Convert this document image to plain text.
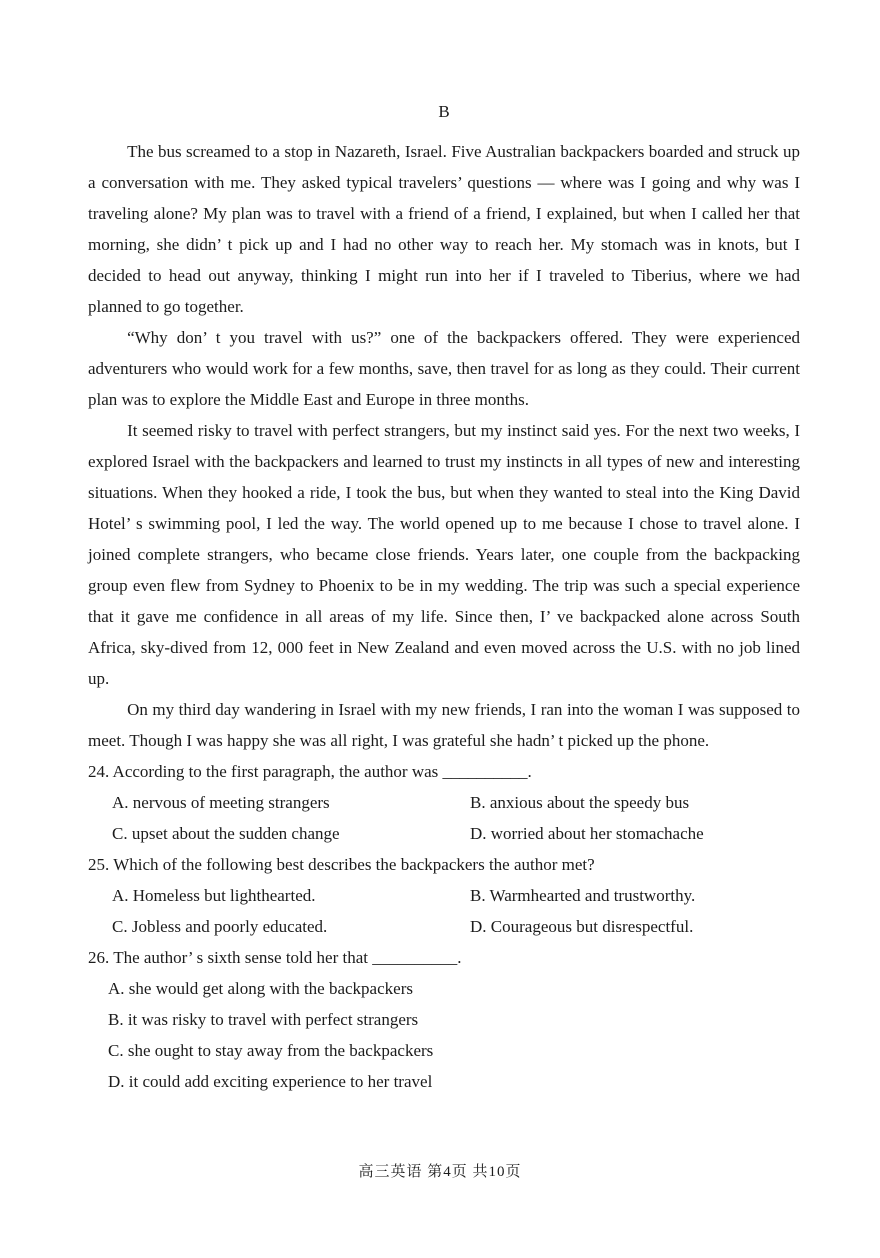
B

The bus screamed to a stop in Nazareth, Israel. Five Australian backpackers boarded and struck up a conversation with me. They asked typical travelers’ questions — where was I going and why was I traveling alone? My plan was to travel with a friend of a friend, I explained, but when I called her that morning, she didn’ t pick up and I had no other way to reach her. My stomach was in knots, but I decided to head out anyway, thinking I might run into her if I traveled to Tiberius, where we had planned to go together.

“Why don’ t you travel with us?” one of the backpackers offered. They were experienced adventurers who would work for a few months, save, then travel for as long as they could. Their current plan was to explore the Middle East and Europe in three months.

It seemed risky to travel with perfect strangers, but my instinct said yes. For the next two weeks, I explored Israel with the backpackers and learned to trust my instincts in all types of new and interesting situations. When they hooked a ride, I took the bus, but when they wanted to steal into the King David Hotel’ s swimming pool, I led the way. The world opened up to me because I chose to travel alone. I joined complete strangers, who became close friends. Years later, one couple from the backpacking group even flew from Sydney to Phoenix to be in my wedding. The trip was such a special experience that it gave me confidence in all areas of my life. Since then, I’ ve backpacked alone across South Africa, sky-dived from 12, 000 feet in New Zealand and even moved across the U.S. with no job lined up.

On my third day wandering in Israel with my new friends, I ran into the woman I was supposed to meet. Though I was happy she was all right, I was grateful she hadn’ t picked up the phone.

24. According to the first paragraph, the author was __________.

A. nervous of meeting strangers	B. anxious about the speedy bus
C. upset about the sudden change	D. worried about her stomachache

25. Which of the following best describes the backpackers the author met?

A. Homeless but lighthearted.	B. Warmhearted and trustworthy.
C. Jobless and poorly educated.	D. Courageous but disrespectful.

26. The author’ s sixth sense told her that __________.

A. she would get along with the backpackers
B. it was risky to travel with perfect strangers
C. she ought to stay away from the backpackers
D. it could add exciting experience to her travel
高三英语 第4页 共10页
